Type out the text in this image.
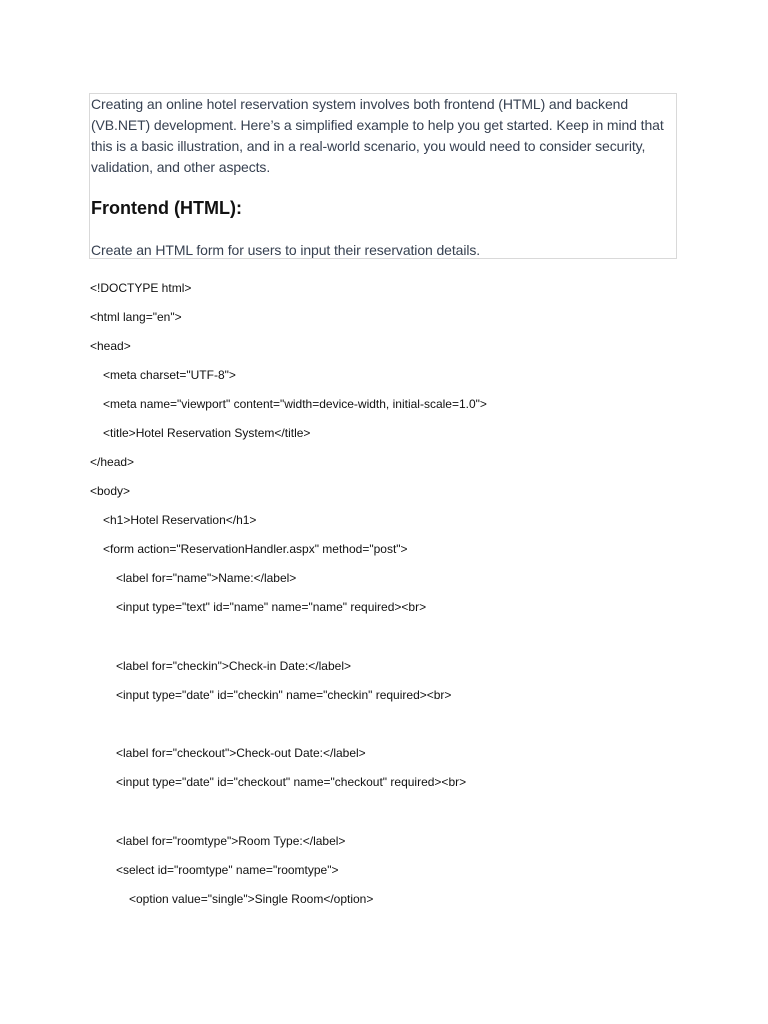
Creating an online hotel reservation system involves both frontend (HTML) and backend (VB.NET) development. Here’s a simplified example to help you get started. Keep in mind that this is a basic illustration, and in a real-world scenario, you would need to consider security, validation, and other aspects.

Frontend (HTML):

Create an HTML form for users to input their reservation details.

<!DOCTYPE html>
<html lang="en">
<head>
<meta charset="UTF-8">
<meta name="viewport" content="width=device-width, initial-scale=1.0">
<title>Hotel Reservation System</title>
</head>
<body>
<h1>Hotel Reservation</h1>
<form action="ReservationHandler.aspx" method="post">
<label for="name">Name:</label>
<input type="text" id="name" name="name" required><br>
<label for="checkin">Check-in Date:</label>
<input type="date" id="checkin" name="checkin" required><br>
<label for="checkout">Check-out Date:</label>
<input type="date" id="checkout" name="checkout" required><br>
<label for="roomtype">Room Type:</label>
<select id="roomtype" name="roomtype">
<option value="single">Single Room</option>
